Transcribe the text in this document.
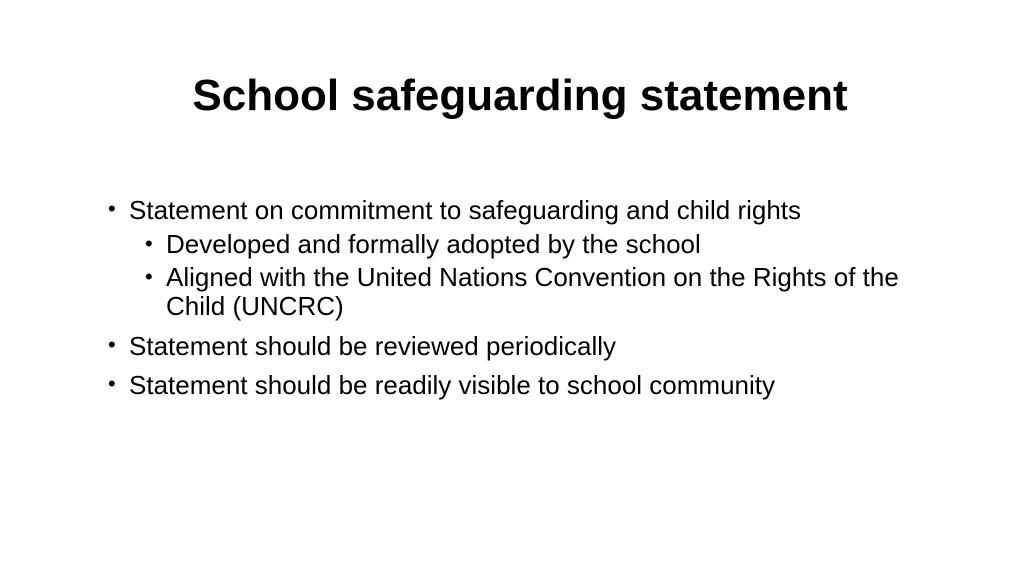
School safeguarding statement
• Statement on commitment to safeguarding and child rights
• Developed and formally adopted by the school
• Aligned with the United Nations Convention on the Rights of the Child (UNCRC)
• Statement should be reviewed periodically
• Statement should be readily visible to school community
